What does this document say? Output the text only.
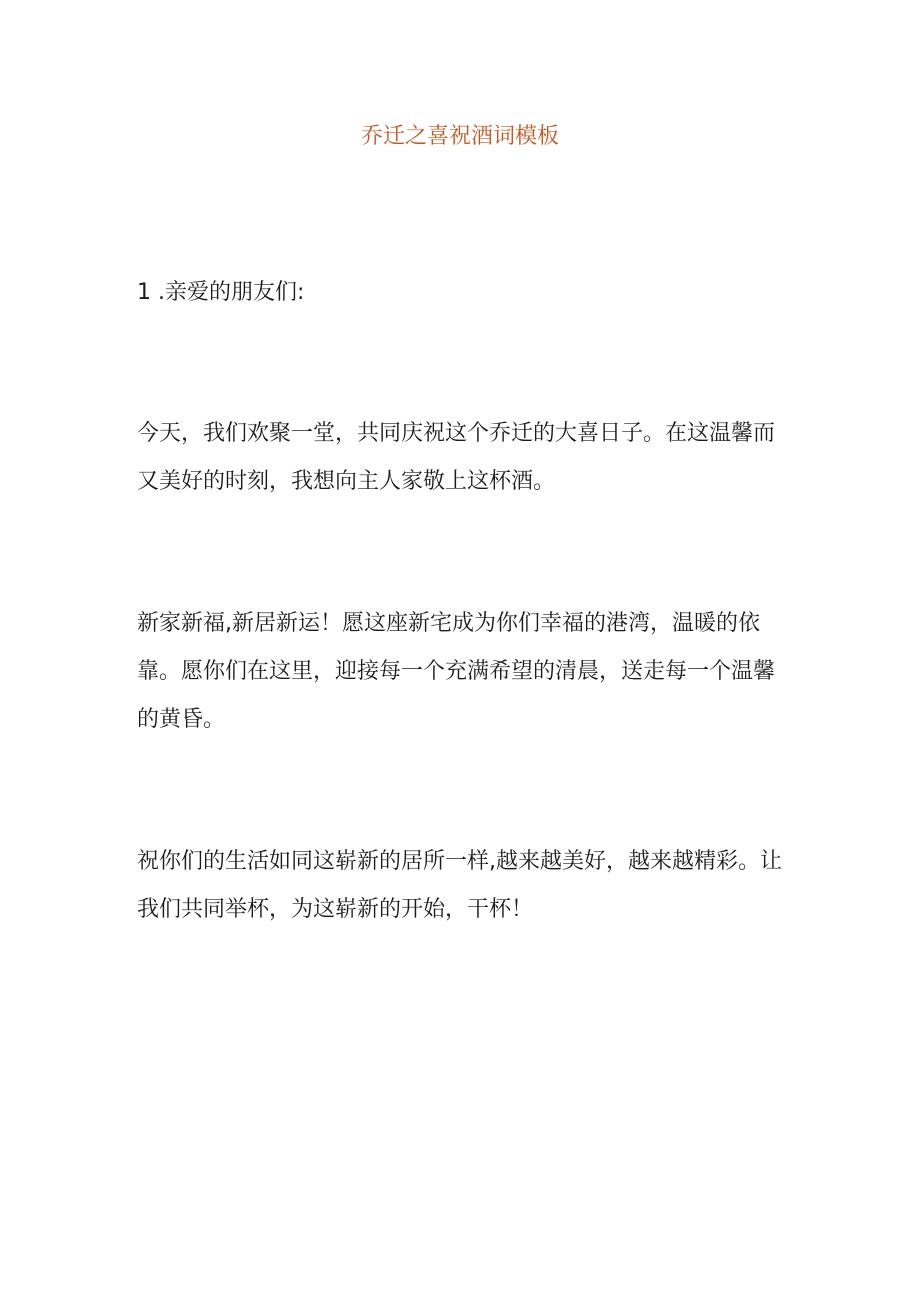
乔迁之喜祝酒词模板
1 .亲爱的朋友们:

今天，我们欢聚一堂，共同庆祝这个乔迁的大喜日子。在这温馨而又美好的时刻，我想向主人家敬上这杯酒。

新家新福,新居新运！愿这座新宅成为你们幸福的港湾，温暖的依靠。愿你们在这里，迎接每一个充满希望的清晨，送走每一个温馨的黄昏。

祝你们的生活如同这崭新的居所一样,越来越美好，越来越精彩。让我们共同举杯，为这崭新的开始，干杯！
